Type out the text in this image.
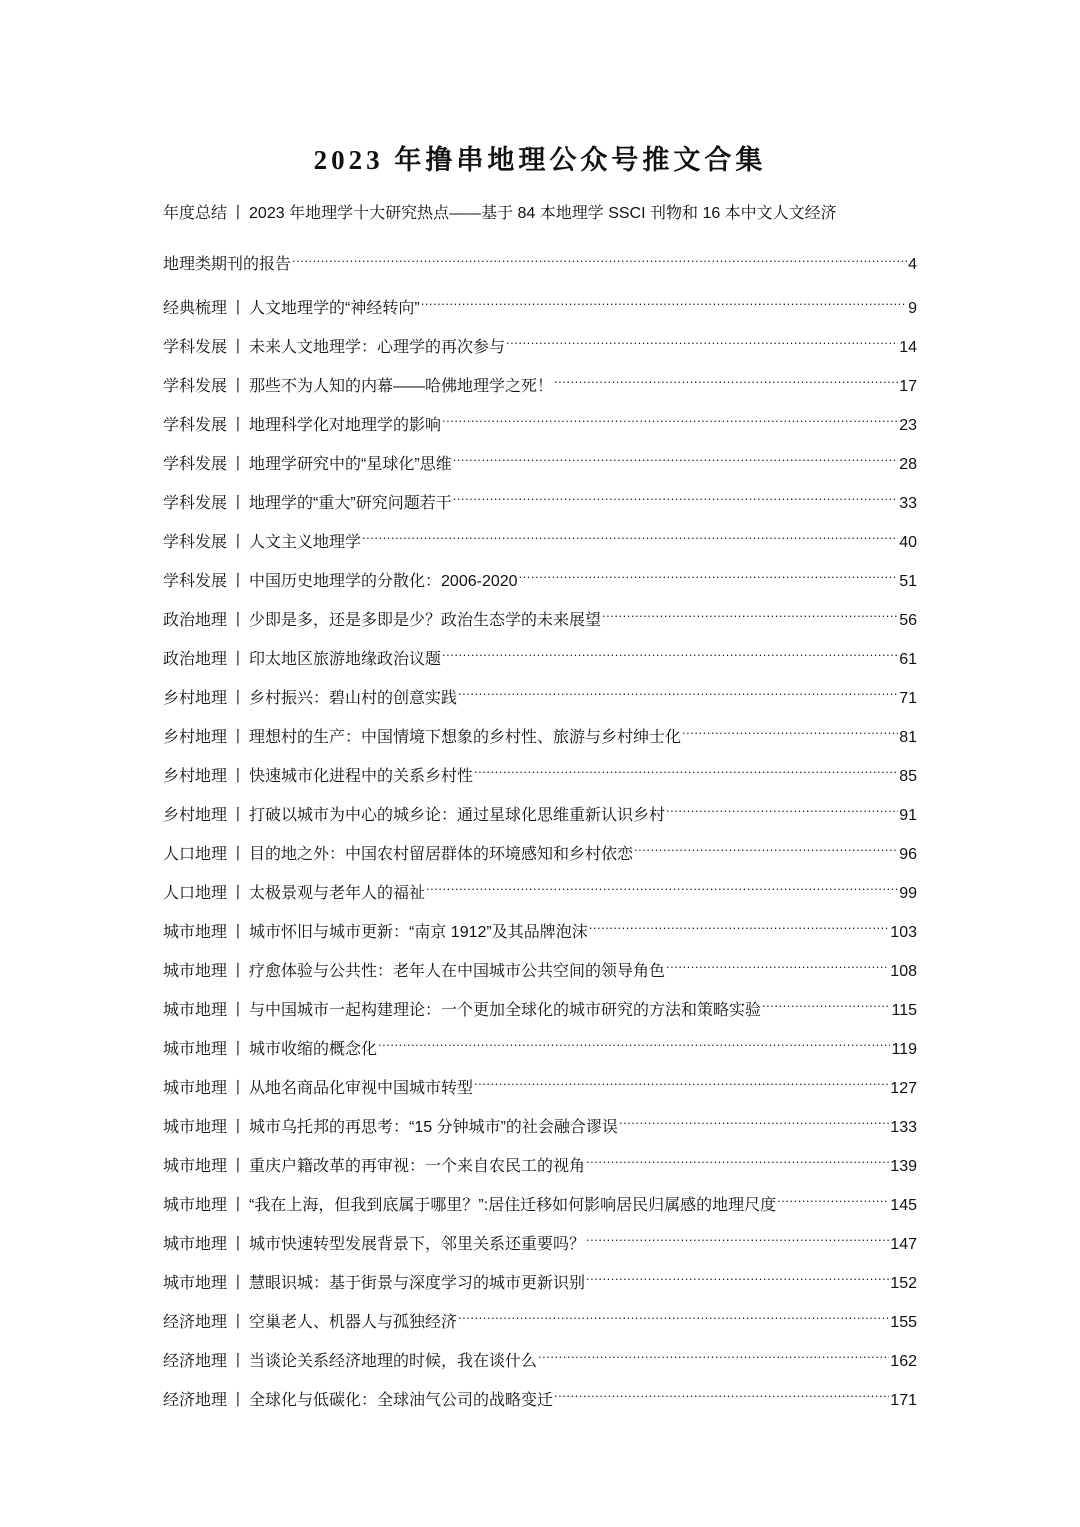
2023 年撸串地理公众号推文合集
年度总结 丨 2023 年地理学十大研究热点——基于 84 本地理学 SSCI 刊物和 16 本中文人文经济
地理类期刊的报告 .....	4
经典梳理 丨 人文地理学的“神经转向” .....	9
学科发展 丨 未来人文地理学：心理学的再次参与 .....	14
学科发展 丨 那些不为人知的内幕——哈佛地理学之死！ .....	17
学科发展 丨 地理科学化对地理学的影响 .....	23
学科发展 丨 地理学研究中的“星球化”思维 .....	28
学科发展 丨 地理学的“重大”研究问题若干 .....	33
学科发展 丨 人文主义地理学 .....	40
学科发展 丨 中国历史地理学的分散化：2006-2020 .....	51
政治地理 丨 少即是多，还是多即是少？政治生态学的未来展望 .....	56
政治地理 丨 印太地区旅游地缘政治议题 .....	61
乡村地理 丨 乡村振兴：碧山村的创意实践 .....	71
乡村地理 丨 理想村的生产：中国情境下想象的乡村性、旅游与乡村绅士化 .....	81
乡村地理 丨 快速城市化进程中的关系乡村性 .....	85
乡村地理 丨 打破以城市为中心的城乡论：通过星球化思维重新认识乡村 .....	91
人口地理 丨 目的地之外：中国农村留居群体的环境感知和乡村依恋 .....	96
人口地理 丨 太极景观与老年人的福祉 .....	99
城市地理 丨 城市怀旧与城市更新：“南京 1912”及其品牌泡沫 .....	103
城市地理 丨 疗愈体验与公共性：老年人在中国城市公共空间的领导角色 .....	108
城市地理 丨 与中国城市一起构建理论：一个更加全球化的城市研究的方法和策略实验 .....	115
城市地理 丨 城市收缩的概念化 .....	119
城市地理 丨 从地名商品化审视中国城市转型 .....	127
城市地理 丨 城市乌托邦的再思考：“15 分钟城市”的社会融合谬误 .....	133
城市地理 丨 重庆户籍改革的再审视：一个来自农民工的视角 .....	139
城市地理 丨 “我在上海，但我到底属于哪里？”:居住迁移如何影响居民归属感的地理尺度 .....	145
城市地理 丨 城市快速转型发展背景下，邻里关系还重要吗？ .....	147
城市地理 丨 慧眼识城：基于街景与深度学习的城市更新识别 .....	152
经济地理 丨 空巢老人、机器人与孤独经济 .....	155
经济地理 丨 当谈论关系经济地理的时候，我在谈什么 .....	162
经济地理 丨 全球化与低碳化：全球油气公司的战略变迁 .....	171
